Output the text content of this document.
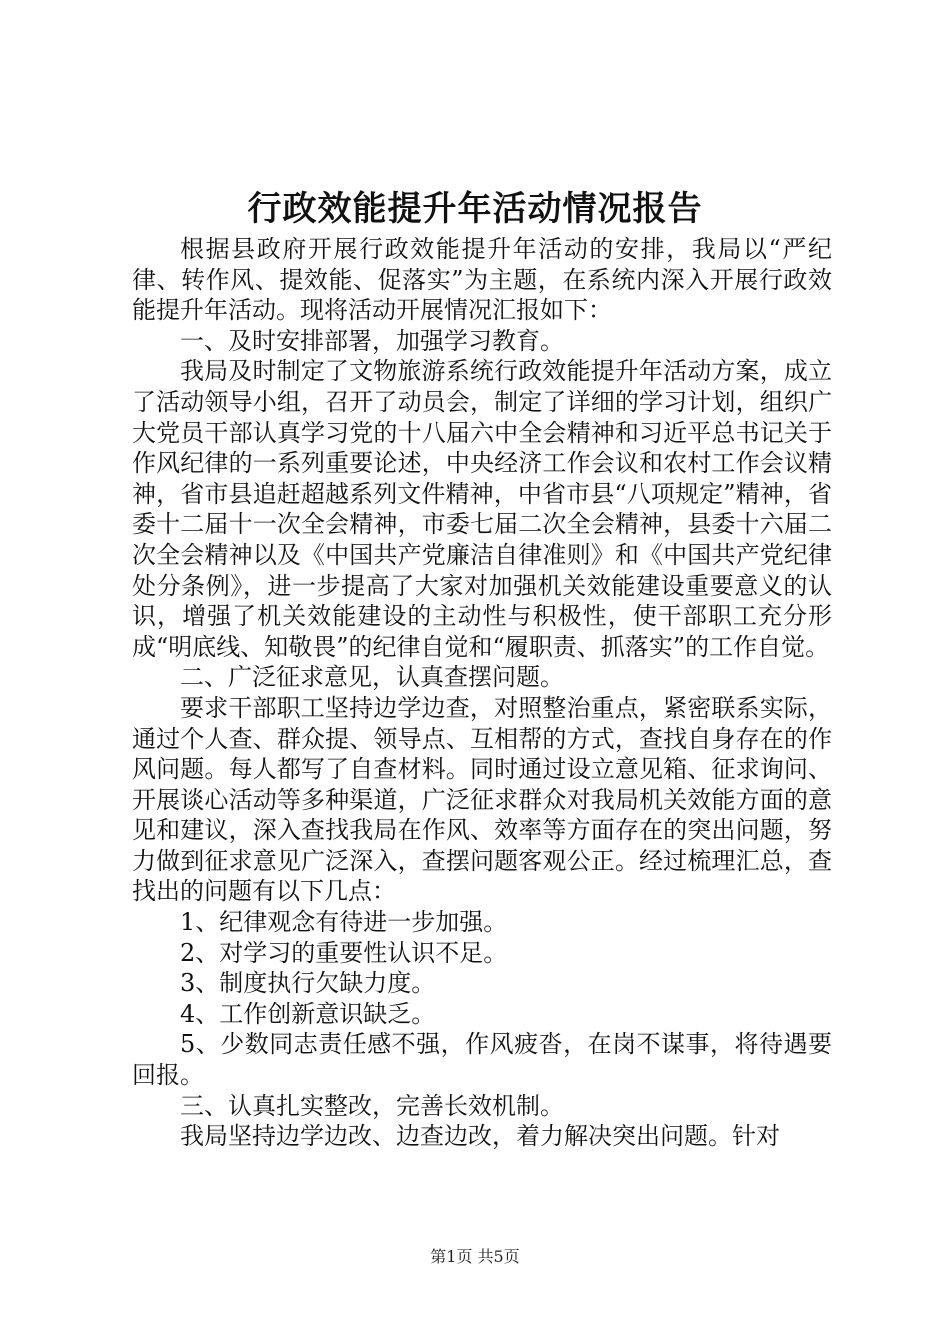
行政效能提升年活动情况报告

根据县政府开展行政效能提升年活动的安排，我局以“严纪律、转作风、提效能、促落实”为主题，在系统内深入开展行政效能提升年活动。现将活动开展情况汇报如下：

一、及时安排部署，加强学习教育。

我局及时制定了文物旅游系统行政效能提升年活动方案，成立了活动领导小组，召开了动员会，制定了详细的学习计划，组织广大党员干部认真学习党的十八届六中全会精神和习近平总书记关于作风纪律的一系列重要论述，中央经济工作会议和农村工作会议精神，省市县追赶超越系列文件精神，中省市县“八项规定”精神，省委十二届十一次全会精神，市委七届二次全会精神，县委十六届二次全会精神以及《中国共产党廉洁自律准则》和《中国共产党纪律处分条例》，进一步提高了大家对加强机关效能建设重要意义的认识，增强了机关效能建设的主动性与积极性，使干部职工充分形成“明底线、知敬畏”的纪律自觉和“履职责、抓落实”的工作自觉。

二、广泛征求意见，认真查摆问题。

要求干部职工坚持边学边查，对照整治重点，紧密联系实际，通过个人查、群众提、领导点、互相帮的方式，查找自身存在的作风问题。每人都写了自查材料。同时通过设立意见箱、征求询问、开展谈心活动等多种渠道，广泛征求群众对我局机关效能方面的意见和建议，深入查找我局在作风、效率等方面存在的突出问题，努力做到征求意见广泛深入，查摆问题客观公正。经过梳理汇总，查找出的问题有以下几点：

1、纪律观念有待进一步加强。

2、对学习的重要性认识不足。

3、制度执行欠缺力度。

4、工作创新意识缺乏。

5、少数同志责任感不强，作风疲沓，在岗不谋事，将待遇要回报。

三、认真扎实整改，完善长效机制。

我局坚持边学边改、边查边改，着力解决突出问题。针对

第1页 共5页
